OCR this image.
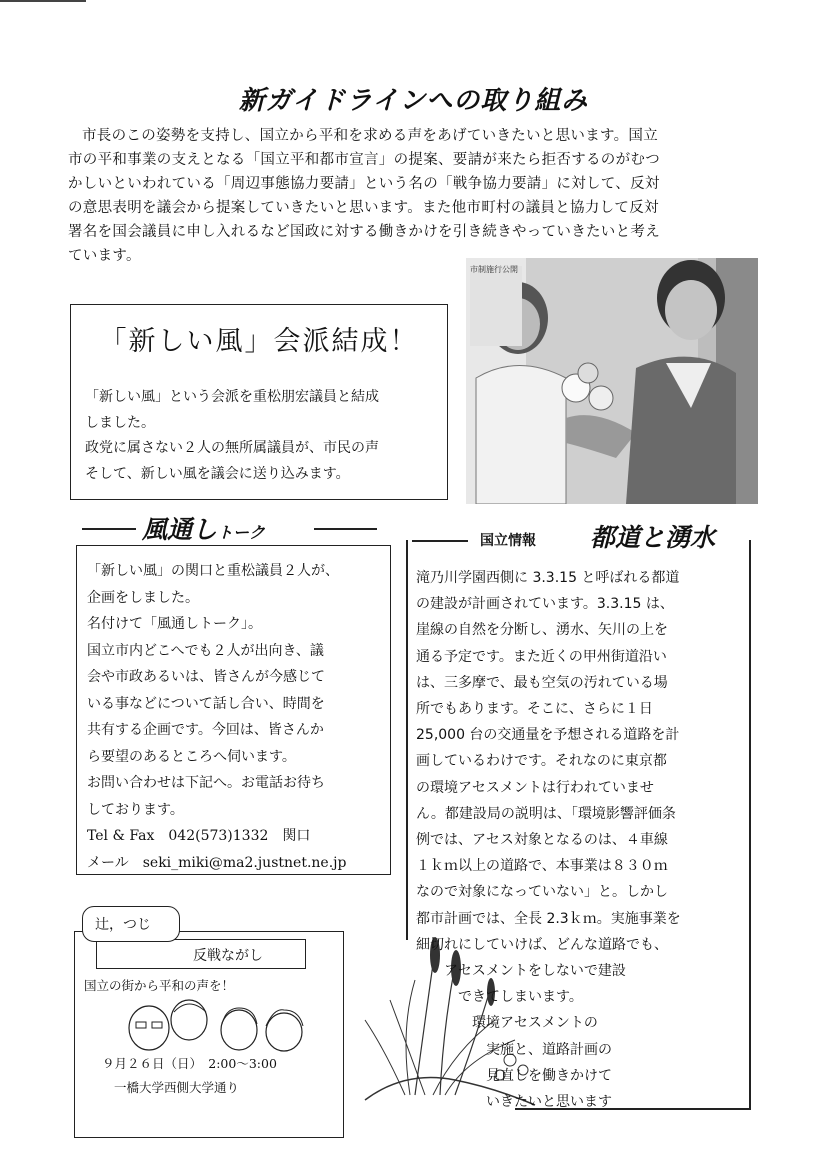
新ガイドラインへの取り組み
市長のこの姿勢を支持し、国立から平和を求める声をあげていきたいと思います。国立
市の平和事業の支えとなる「国立平和都市宣言」の提案、要請が来たら拒否するのがむつ
かしいといわれている「周辺事態協力要請」という名の「戦争協力要請」に対して、反対
の意思表明を議会から提案していきたいと思います。また他市町村の議員と協力して反対
署名を国会議員に申し入れるなど国政に対する働きかけを引き続きやっていきたいと考え
ています。
「新しい風」会派結成！
「新しい風」という会派を重松朋宏議員と結成
しました。
政党に属さない２人の無所属議員が、市民の声
そして、新しい風を議会に送り込みます。
市制施行公開
風通しトーク
「新しい風」の関口と重松議員２人が、
企画をしました。
名付けて「風通しトーク」。
国立市内どこへでも２人が出向き、議
会や市政あるいは、皆さんが今感じて
いる事などについて話し合い、時間を
共有する企画です。今回は、皆さんか
ら要望のあるところへ伺います。
お問い合わせは下記へ。お電話お待ち
しております。
Tel & Fax　042(573)1332　関口
メール　seki_miki@ma2.justnet.ne.jp
国立情報 都道と湧水
滝乃川学園西側に 3.3.15 と呼ばれる都道
の建設が計画されています。3.3.15 は、
崖線の自然を分断し、湧水、矢川の上を
通る予定です。また近くの甲州街道沿い
は、三多摩で、最も空気の汚れている場
所でもあります。そこに、さらに１日
25,000 台の交通量を予想される道路を計
画しているわけです。それなのに東京都
の環境アセスメントは行われていませ
ん。都建設局の説明は、「環境影響評価条
例では、アセス対象となるのは、４車線
１ｋｍ以上の道路で、本事業は８３０ｍ
なので対象になっていない」と。しかし
都市計画では、全長 2.3ｋｍ。実施事業を
細切れにしていけば、どんな道路でも、
　　アセスメントをしないで建設
　　　できてしまいます。
　　　　環境アセスメントの
　　　　　実施と、道路計画の
　　　　　見直しを働きかけて
　　　　　いきたいと思います
辻，つじ
反戦ながし
国立の街から平和の声を！
９月２６日（日）　2:00〜3:00
一橋大学西側大学通り
